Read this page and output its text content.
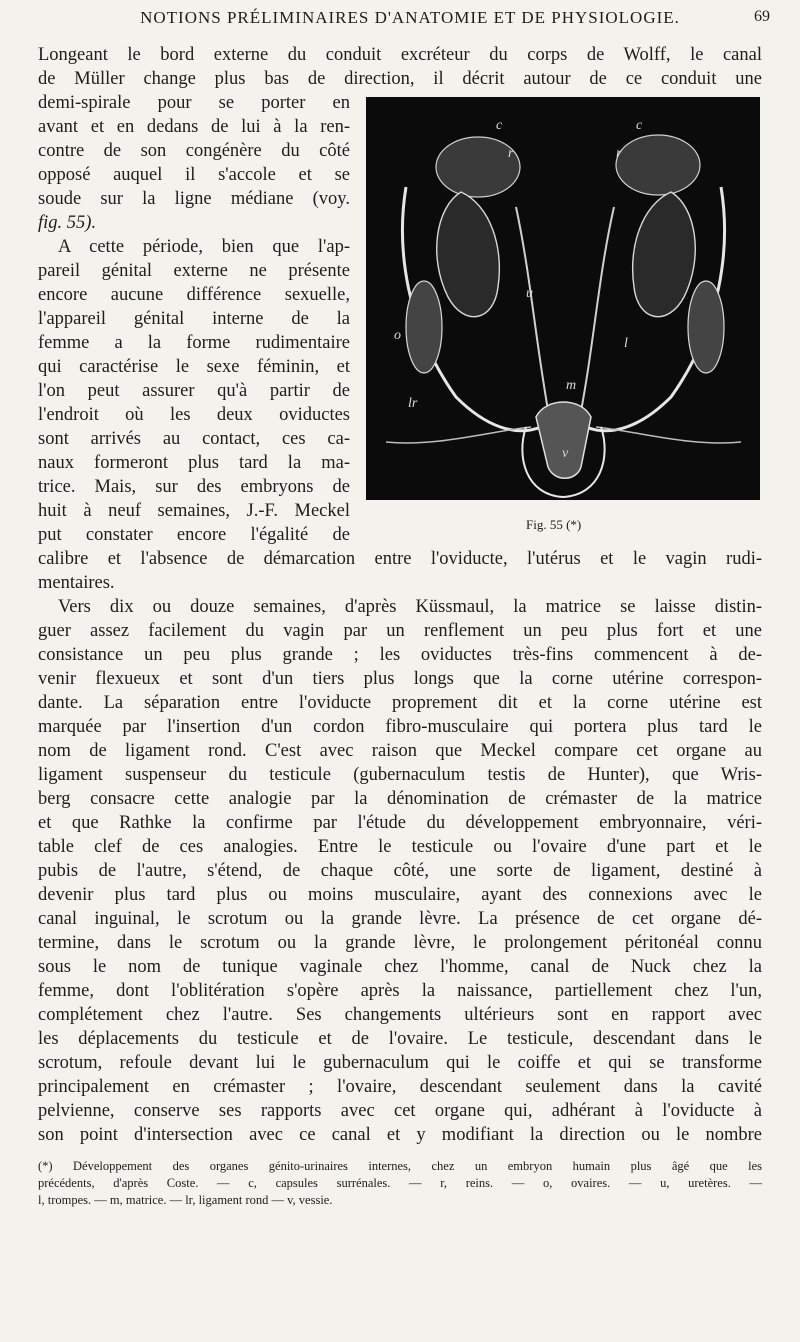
NOTIONS PRÉLIMINAIRES D'ANATOMIE ET DE PHYSIOLOGIE.	69
Longeant le bord externe du conduit excréteur du corps de Wolff, le canal
de Müller change plus bas de direction, il décrit autour de ce conduit une
demi-spirale pour se porter en
avant et en dedans de lui à la ren-
contre de son congénère du côté
opposé auquel il s'accole et se
soude sur la ligne médiane (voy.
fig. 55).
A cette période, bien que l'ap-
pareil génital externe ne présente
encore aucune différence sexuelle,
l'appareil génital interne de la
femme a la forme rudimentaire
qui caractérise le sexe féminin, et
l'on peut assurer qu'à partir de
l'endroit où les deux oviductes
sont arrivés au contact, ces ca-
naux formeront plus tard la ma-
trice. Mais, sur des embryons de
huit à neuf semaines, J.-F. Meckel
put constater encore l'égalité de
calibre et l'absence de démarcation entre l'oviducte, l'utérus et le vagin rudi-
mentaires.
Vers dix ou douze semaines, d'après Küssmaul, la matrice se laisse distin-
guer assez facilement du vagin par un renflement un peu plus fort et une
consistance un peu plus grande ; les oviductes très-fins commencent à de-
venir flexueux et sont d'un tiers plus longs que la corne utérine correspon-
dante. La séparation entre l'oviducte proprement dit et la corne utérine est
marquée par l'insertion d'un cordon fibro-musculaire qui portera plus tard le
nom de ligament rond. C'est avec raison que Meckel compare cet organe au
ligament suspenseur du testicule (gubernaculum testis de Hunter), que Wris-
berg consacre cette analogie par la dénomination de crémaster de la matrice
et que Rathke la confirme par l'étude du développement embryonnaire, véri-
table clef de ces analogies. Entre le testicule ou l'ovaire d'une part et le
pubis de l'autre, s'étend, de chaque côté, une sorte de ligament, destiné à
devenir plus tard plus ou moins musculaire, ayant des connexions avec le
canal inguinal, le scrotum ou la grande lèvre. La présence de cet organe dé-
termine, dans le scrotum ou la grande lèvre, le prolongement péritonéal connu
sous le nom de tunique vaginale chez l'homme, canal de Nuck chez la
femme, dont l'oblitération s'opère après la naissance, partiellement chez l'un,
complétement chez l'autre. Ses changements ultérieurs sont en rapport avec
les déplacements du testicule et de l'ovaire. Le testicule, descendant dans le
scrotum, refoule devant lui le gubernaculum qui le coiffe et qui se transforme
principalement en crémaster ; l'ovaire, descendant seulement dans la cavité
pelvienne, conserve ses rapports avec cet organe qui, adhérant à l'oviducte à
son point d'intersection avec ce canal et y modifiant la direction ou le nombre
c	c
r	r
o
u
l
m
lr
v
Fig. 55 (*)
(*) Développement des organes génito-urinaires internes, chez un embryon humain plus âgé que les
précédents, d'après Coste. — c, capsules surrénales. — r, reins. — o, ovaires. — u, uretères. —
l, trompes. — m, matrice. — lr, ligament rond — v, vessie.
